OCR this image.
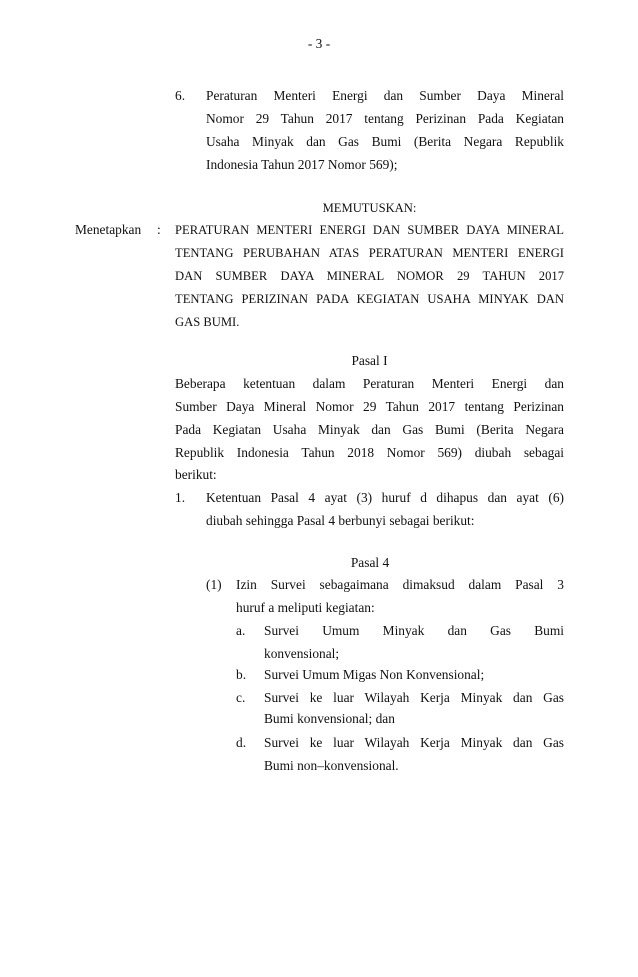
- 3 -
6. Peraturan Menteri Energi dan Sumber Daya Mineral
Nomor 29 Tahun 2017 tentang Perizinan Pada Kegiatan
Usaha Minyak dan Gas Bumi (Berita Negara Republik
Indonesia Tahun 2017 Nomor 569);
MEMUTUSKAN:
Menetapkan : PERATURAN MENTERI ENERGI DAN SUMBER DAYA MINERAL
TENTANG PERUBAHAN ATAS PERATURAN MENTERI ENERGI
DAN SUMBER DAYA MINERAL NOMOR 29 TAHUN 2017
TENTANG PERIZINAN PADA KEGIATAN USAHA MINYAK DAN
GAS BUMI.
Pasal I
Beberapa ketentuan dalam Peraturan Menteri Energi dan
Sumber Daya Mineral Nomor 29 Tahun 2017 tentang Perizinan
Pada Kegiatan Usaha Minyak dan Gas Bumi (Berita Negara
Republik Indonesia Tahun 2018 Nomor 569) diubah sebagai
berikut:
1. Ketentuan Pasal 4 ayat (3) huruf d dihapus dan ayat (6)
diubah sehingga Pasal 4 berbunyi sebagai berikut:
Pasal 4
(1) Izin Survei sebagaimana dimaksud dalam Pasal 3
huruf a meliputi kegiatan:
a. Survei Umum Minyak dan Gas Bumi
konvensional;
b. Survei Umum Migas Non Konvensional;
c. Survei ke luar Wilayah Kerja Minyak dan Gas
Bumi konvensional; dan
d. Survei ke luar Wilayah Kerja Minyak dan Gas
Bumi non–konvensional.
